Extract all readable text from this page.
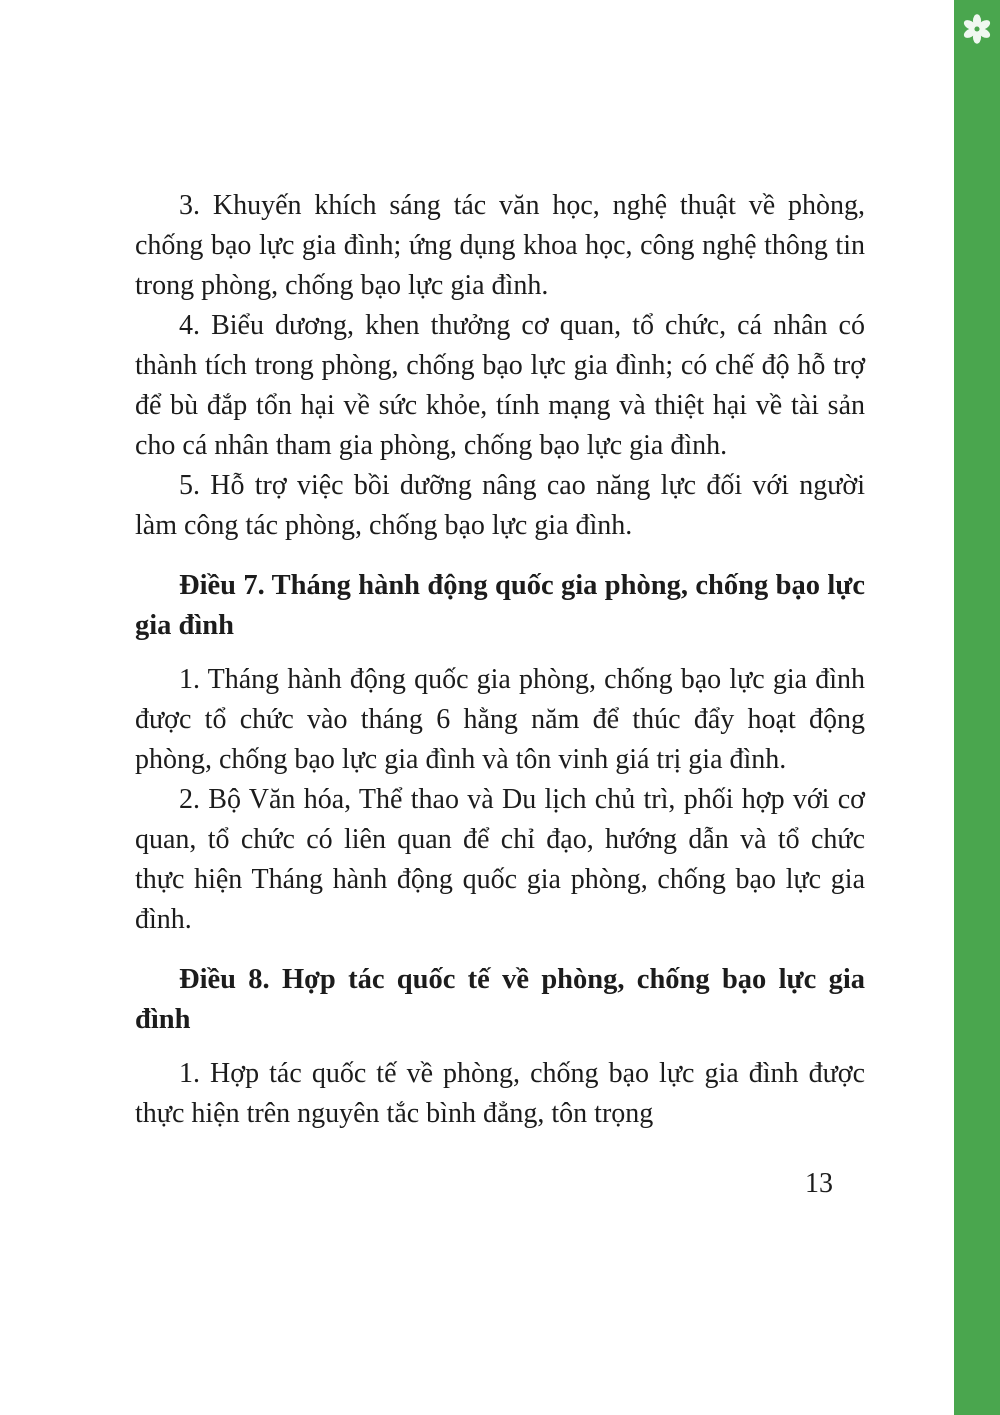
3. Khuyến khích sáng tác văn học, nghệ thuật về phòng, chống bạo lực gia đình; ứng dụng khoa học, công nghệ thông tin trong phòng, chống bạo lực gia đình.

4. Biểu dương, khen thưởng cơ quan, tổ chức, cá nhân có thành tích trong phòng, chống bạo lực gia đình; có chế độ hỗ trợ để bù đắp tổn hại về sức khỏe, tính mạng và thiệt hại về tài sản cho cá nhân tham gia phòng, chống bạo lực gia đình.

5. Hỗ trợ việc bồi dưỡng nâng cao năng lực đối với người làm công tác phòng, chống bạo lực gia đình.

Điều 7. Tháng hành động quốc gia phòng, chống bạo lực gia đình

1. Tháng hành động quốc gia phòng, chống bạo lực gia đình được tổ chức vào tháng 6 hằng năm để thúc đẩy hoạt động phòng, chống bạo lực gia đình và tôn vinh giá trị gia đình.

2. Bộ Văn hóa, Thể thao và Du lịch chủ trì, phối hợp với cơ quan, tổ chức có liên quan để chỉ đạo, hướng dẫn và tổ chức thực hiện Tháng hành động quốc gia phòng, chống bạo lực gia đình.

Điều 8. Hợp tác quốc tế về phòng, chống bạo lực gia đình

1. Hợp tác quốc tế về phòng, chống bạo lực gia đình được thực hiện trên nguyên tắc bình đẳng, tôn trọng

13
